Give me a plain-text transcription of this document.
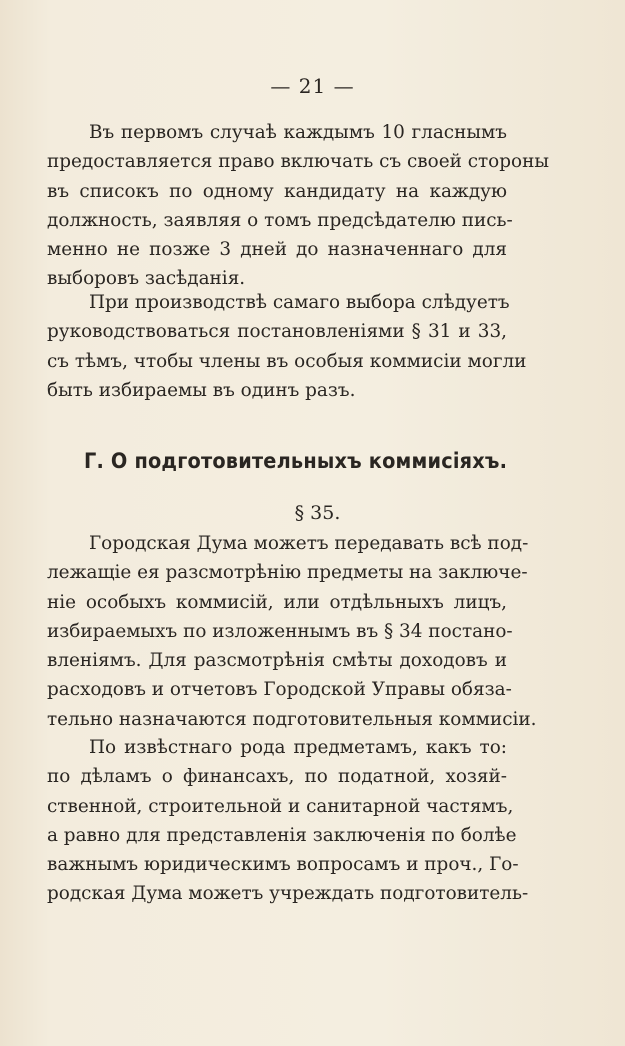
— 21 —
Въ первомъ случаѣ каждымъ 10 гласнымъ
предоставляется право включать съ своей стороны
въ списокъ по одному кандидату на каждую
должность, заявляя о томъ предсѣдателю пись-
менно не позже 3 дней до назначеннаго для
выборовъ засѣданія.
При производствѣ самаго выбора слѣдуетъ
руководствоваться постановленіями § 31 и 33,
съ тѣмъ, чтобы члены въ особыя коммисіи могли
быть избираемы въ одинъ разъ.
Г. О подготовительныхъ коммисіяхъ.
§ 35.
Городская Дума можетъ передавать всѣ под-
лежащіе ея разсмотрѣнію предметы на заключе-
ніе особыхъ коммисій, или отдѣльныхъ лицъ,
избираемыхъ по изложеннымъ въ § 34 постано-
вленіямъ. Для разсмотрѣнія смѣты доходовъ и
расходовъ и отчетовъ Городской Управы обяза-
тельно назначаются подготовительныя коммисіи.
По извѣстнаго рода предметамъ, какъ то:
по дѣламъ о финансахъ, по податной, хозяй-
ственной, строительной и санитарной частямъ,
а равно для представленія заключенія по болѣе
важнымъ юридическимъ вопросамъ и проч., Го-
родская Дума можетъ учреждать подготовитель-
